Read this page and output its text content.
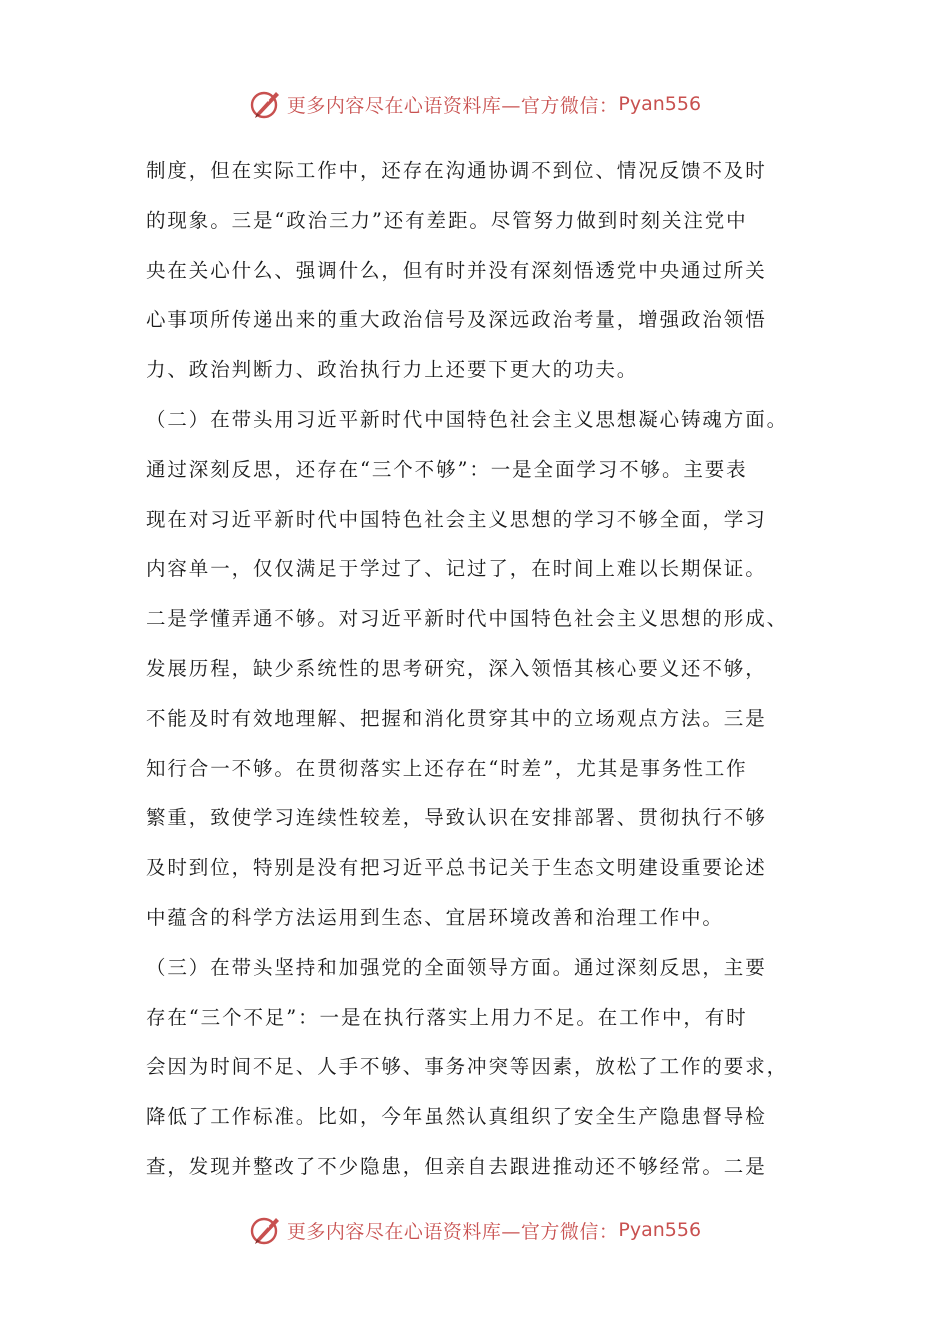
更多内容尽在心语资料库—官方微信： Pyan556
制度，但在实际工作中，还存在沟通协调不到位、情况反馈不及时
的现象。三是“政治三力”还有差距。尽管努力做到时刻关注党中
央在关心什么、强调什么，但有时并没有深刻悟透党中央通过所关
心事项所传递出来的重大政治信号及深远政治考量，增强政治领悟
力、政治判断力、政治执行力上还要下更大的功夫。
（二）在带头用习近平新时代中国特色社会主义思想凝心铸魂方面。
通过深刻反思，还存在“三个不够”：一是全面学习不够。主要表
现在对习近平新时代中国特色社会主义思想的学习不够全面，学习
内容单一，仅仅满足于学过了、记过了，在时间上难以长期保证。
二是学懂弄通不够。对习近平新时代中国特色社会主义思想的形成、
发展历程，缺少系统性的思考研究，深入领悟其核心要义还不够，
不能及时有效地理解、把握和消化贯穿其中的立场观点方法。三是
知行合一不够。在贯彻落实上还存在“时差”，尤其是事务性工作
繁重，致使学习连续性较差，导致认识在安排部署、贯彻执行不够
及时到位，特别是没有把习近平总书记关于生态文明建设重要论述
中蕴含的科学方法运用到生态、宜居环境改善和治理工作中。
（三）在带头坚持和加强党的全面领导方面。通过深刻反思，主要
存在“三个不足”：一是在执行落实上用力不足。在工作中，有时
会因为时间不足、人手不够、事务冲突等因素，放松了工作的要求，
降低了工作标准。比如，今年虽然认真组织了安全生产隐患督导检
查，发现并整改了不少隐患，但亲自去跟进推动还不够经常。二是
更多内容尽在心语资料库—官方微信： Pyan556
